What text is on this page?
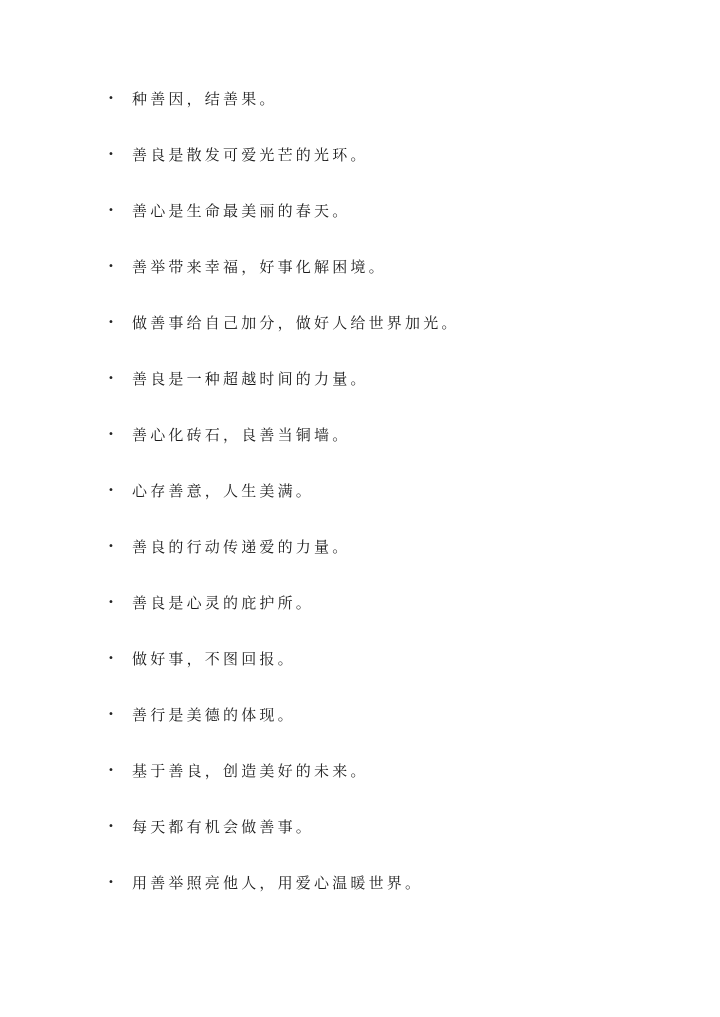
•	种善因，结善果。
•	善良是散发可爱光芒的光环。
•	善心是生命最美丽的春天。
•	善举带来幸福，好事化解困境。
•	做善事给自己加分，做好人给世界加光。
•	善良是一种超越时间的力量。
•	善心化砖石，良善当铜墙。
•	心存善意，人生美满。
•	善良的行动传递爱的力量。
•	善良是心灵的庇护所。
•	做好事，不图回报。
•	善行是美德的体现。
•	基于善良，创造美好的未来。
•	每天都有机会做善事。
•	用善举照亮他人，用爱心温暖世界。
